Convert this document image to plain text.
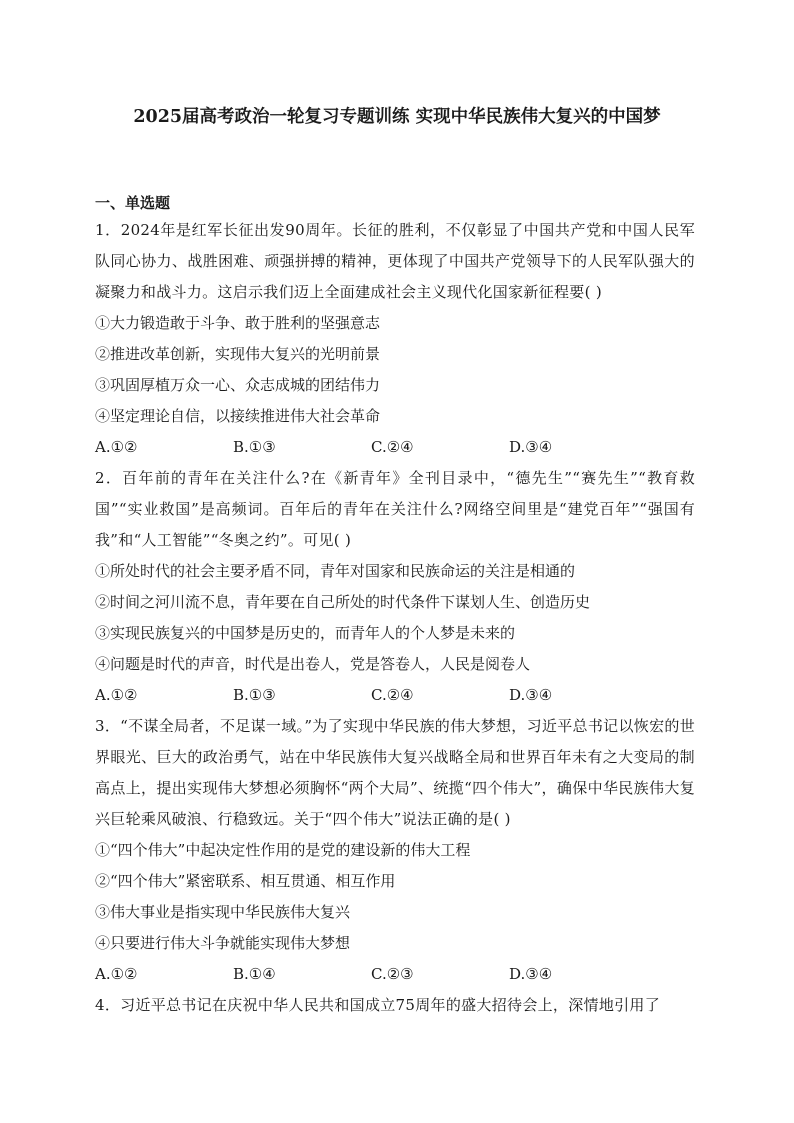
2025届高考政治一轮复习专题训练 实现中华民族伟大复兴的中国梦
一、单选题
1．2024年是红军长征出发90周年。长征的胜利，不仅彰显了中国共产党和中国人民军队同心协力、战胜困难、顽强拼搏的精神，更体现了中国共产党领导下的人民军队强大的凝聚力和战斗力。这启示我们迈上全面建成社会主义现代化国家新征程要( )
①大力锻造敢于斗争、敢于胜利的坚强意志
②推进改革创新，实现伟大复兴的光明前景
③巩固厚植万众一心、众志成城的团结伟力
④坚定理论自信，以接续推进伟大社会革命
A.①②	B.①③	C.②④	D.③④
2．百年前的青年在关注什么?在《新青年》全刊目录中，“德先生”“赛先生”“教育救国”“实业救国”是高频词。百年后的青年在关注什么?网络空间里是“建党百年”“强国有我”和“人工智能”“冬奥之约”。可见( )
①所处时代的社会主要矛盾不同，青年对国家和民族命运的关注是相通的
②时间之河川流不息，青年要在自己所处的时代条件下谋划人生、创造历史
③实现民族复兴的中国梦是历史的，而青年人的个人梦是未来的
④问题是时代的声音，时代是出卷人，党是答卷人，人民是阅卷人
A.①②	B.①③	C.②④	D.③④
3．“不谋全局者，不足谋一域。”为了实现中华民族的伟大梦想，习近平总书记以恢宏的世界眼光、巨大的政治勇气，站在中华民族伟大复兴战略全局和世界百年未有之大变局的制高点上，提出实现伟大梦想必须胸怀“两个大局”、统揽“四个伟大”，确保中华民族伟大复兴巨轮乘风破浪、行稳致远。关于“四个伟大”说法正确的是( )
①“四个伟大”中起决定性作用的是党的建设新的伟大工程
②“四个伟大”紧密联系、相互贯通、相互作用
③伟大事业是指实现中华民族伟大复兴
④只要进行伟大斗争就能实现伟大梦想
A.①②	B.①④	C.②③	D.③④
4．习近平总书记在庆祝中华人民共和国成立75周年的盛大招待会上，深情地引用了
